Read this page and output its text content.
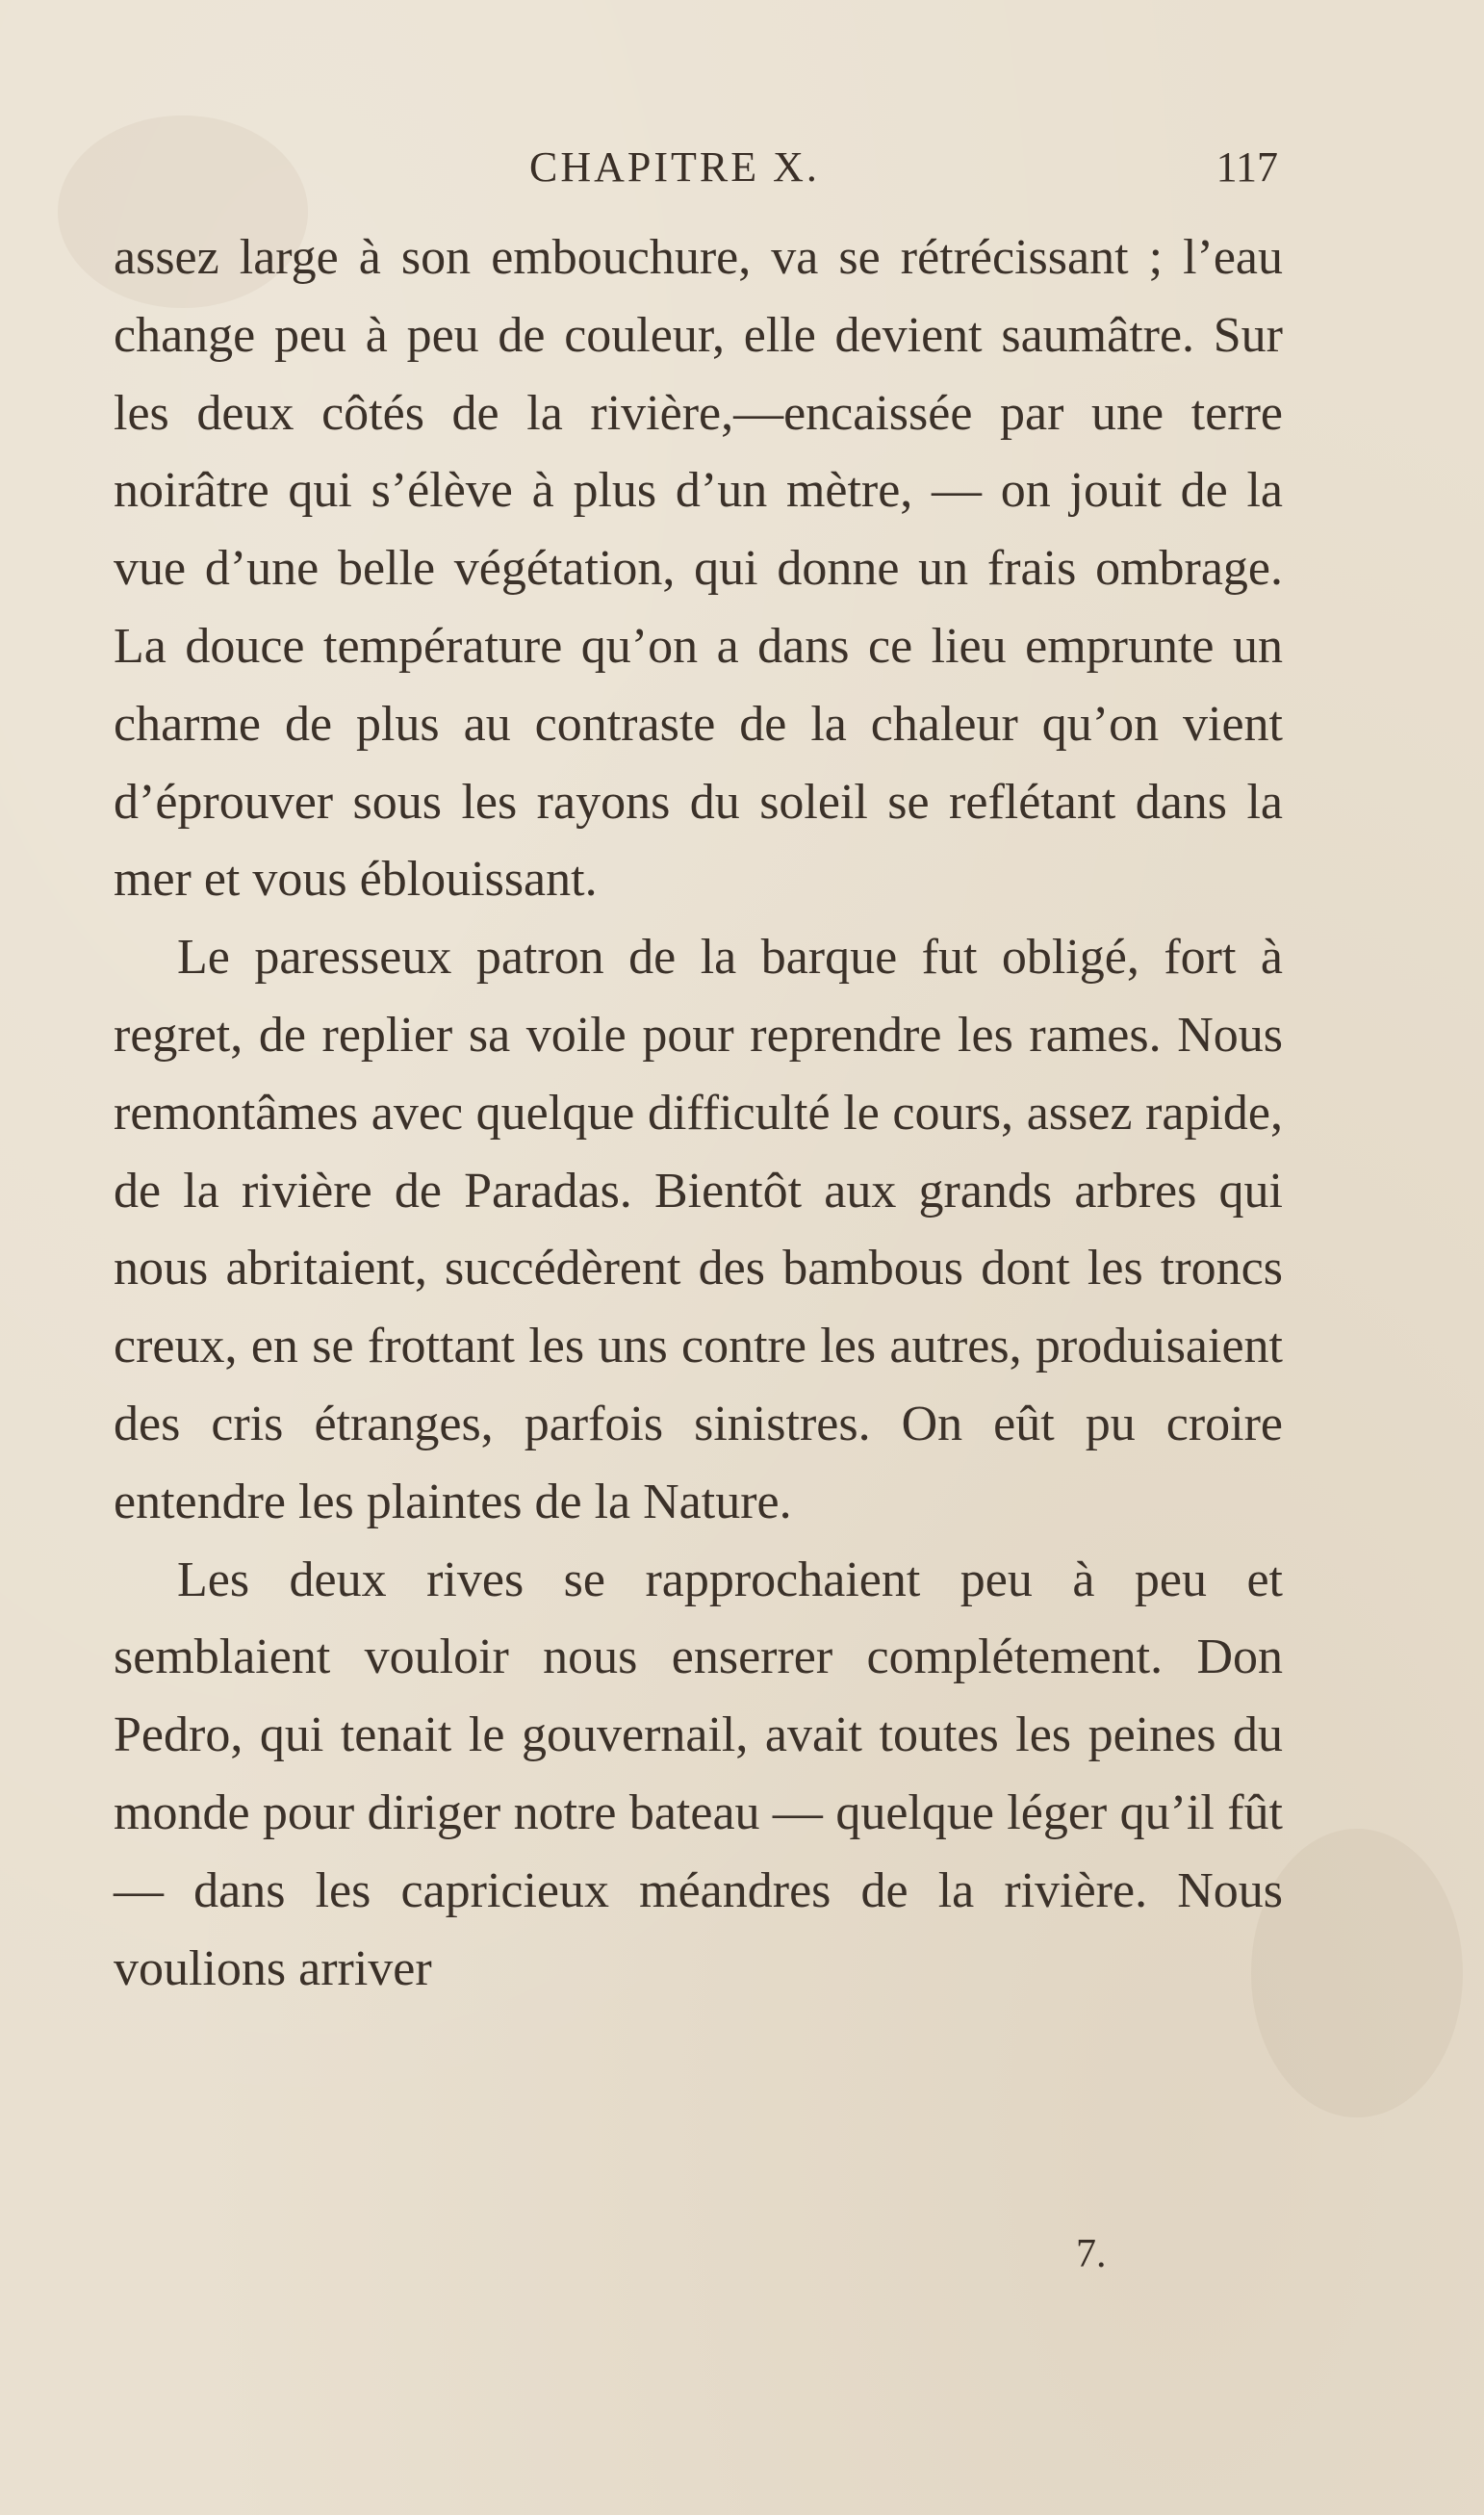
CHAPITRE X.	117

assez large à son embouchure, va se rétrécissant ; l’eau change peu à peu de couleur, elle devient saumâtre. Sur les deux côtés de la rivière,—encaissée par une terre noirâtre qui s’élève à plus d’un mètre, — on jouit de la vue d’une belle végétation, qui donne un frais ombrage. La douce température qu’on a dans ce lieu emprunte un charme de plus au contraste de la chaleur qu’on vient d’éprouver sous les rayons du soleil se reflétant dans la mer et vous éblouissant.

Le paresseux patron de la barque fut obligé, fort à regret, de replier sa voile pour reprendre les rames. Nous remontâmes avec quelque difficulté le cours, assez rapide, de la rivière de Paradas. Bientôt aux grands arbres qui nous abritaient, succédèrent des bambous dont les troncs creux, en se frottant les uns contre les autres, produisaient des cris étranges, parfois sinistres. On eût pu croire entendre les plaintes de la Nature.

Les deux rives se rapprochaient peu à peu et semblaient vouloir nous enserrer complétement. Don Pedro, qui tenait le gouvernail, avait toutes les peines du monde pour diriger notre bateau — quelque léger qu’il fût — dans les capricieux méandres de la rivière. Nous voulions arriver

7.
